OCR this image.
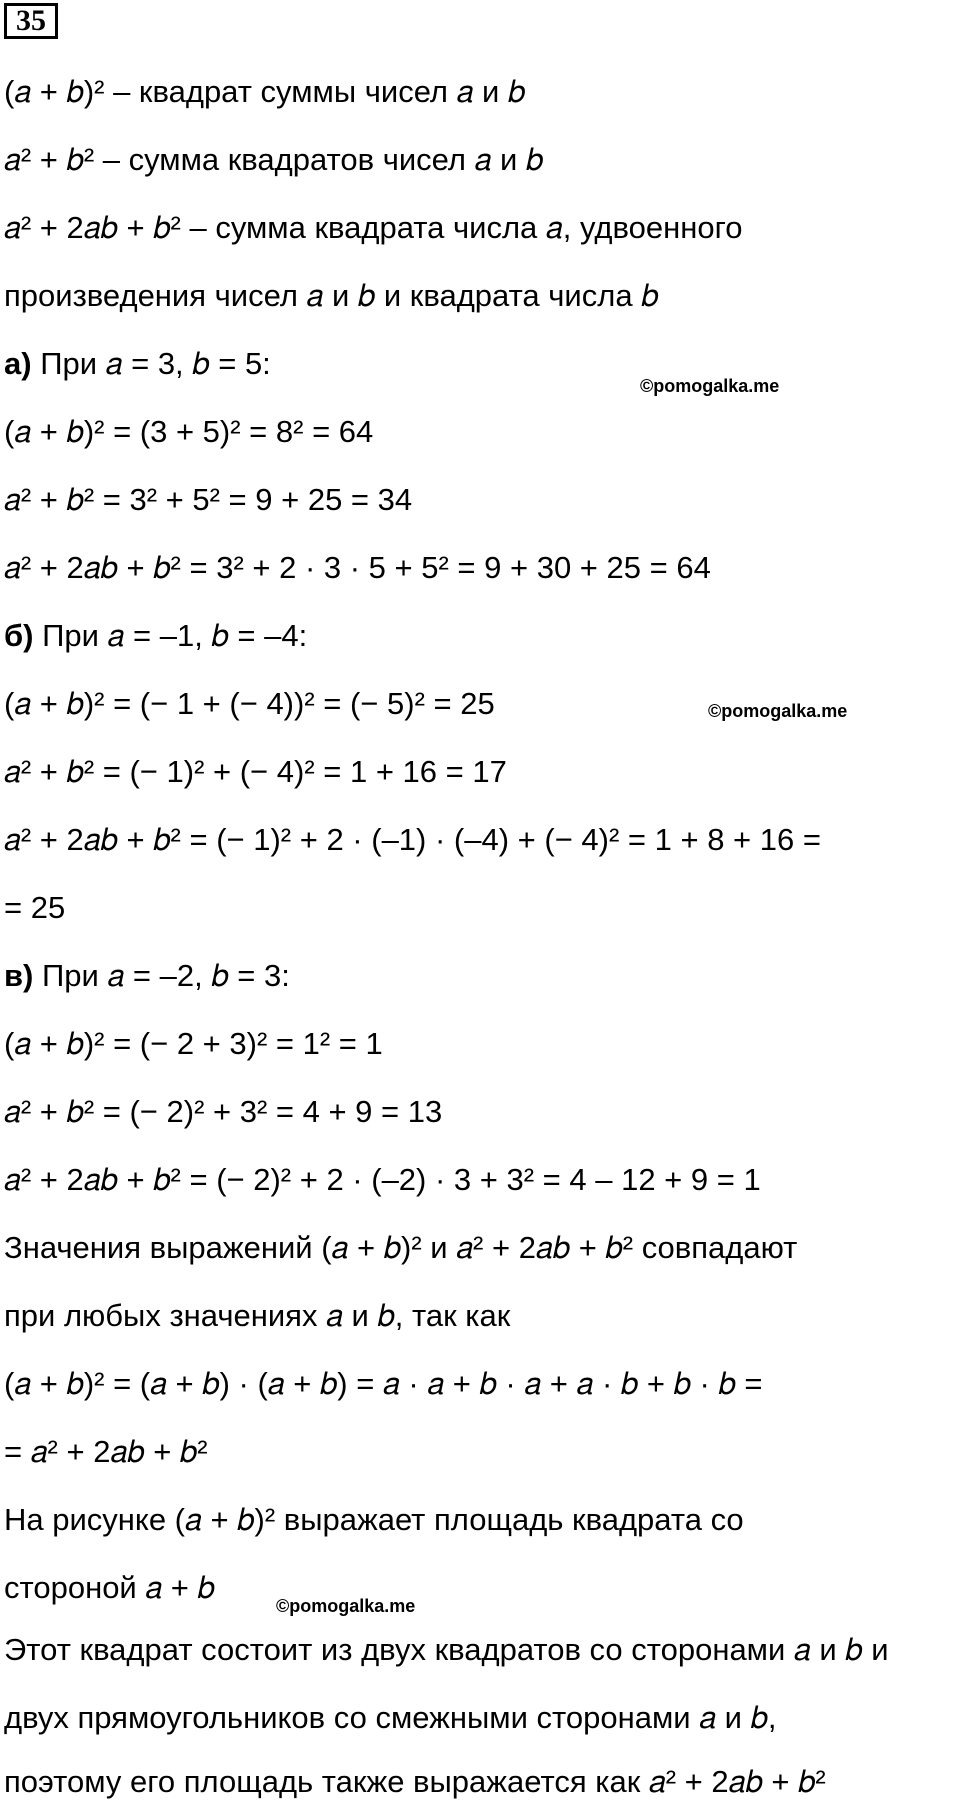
35
(𝑎 + 𝑏)² – квадрат суммы чисел 𝑎 и 𝑏
𝑎² + 𝑏² – сумма квадратов чисел 𝑎 и 𝑏
𝑎² + 2𝑎𝑏 + 𝑏² – сумма квадрата числа 𝑎, удвоенного
произведения чисел 𝑎 и 𝑏 и квадрата числа 𝑏
а) При 𝑎 = 3, 𝑏 = 5:
©pomogalka.me
(𝑎 + 𝑏)² = (3 + 5)² = 8² = 64
𝑎² + 𝑏² = 3² + 5² = 9 + 25 = 34
𝑎² + 2𝑎𝑏 + 𝑏² = 3² + 2 · 3 · 5 + 5² = 9 + 30 + 25 = 64
б) При 𝑎 = –1, 𝑏 = –4:
(𝑎 + 𝑏)² = (− 1 + (− 4))² = (− 5)² = 25	©pomogalka.me
𝑎² + 𝑏² = (− 1)² + (− 4)² = 1 + 16 = 17
𝑎² + 2𝑎𝑏 + 𝑏² = (− 1)² + 2 · (–1) · (–4) + (− 4)² = 1 + 8 + 16 =
= 25
в) При 𝑎 = –2, 𝑏 = 3:
(𝑎 + 𝑏)² = (− 2 + 3)² = 1² = 1
𝑎² + 𝑏² = (− 2)² + 3² = 4 + 9 = 13
𝑎² + 2𝑎𝑏 + 𝑏² = (− 2)² + 2 · (–2) · 3 + 3² = 4 – 12 + 9 = 1
Значения выражений (𝑎 + 𝑏)² и 𝑎² + 2𝑎𝑏 + 𝑏² совпадают
при любых значениях 𝑎 и 𝑏, так как
(𝑎 + 𝑏)² = (𝑎 + 𝑏) · (𝑎 + 𝑏) = 𝑎 · 𝑎 + 𝑏 · 𝑎 + 𝑎 · 𝑏 + 𝑏 · 𝑏 =
= 𝑎² + 2𝑎𝑏 + 𝑏²
На рисунке (𝑎 + 𝑏)² выражает площадь квадрата со
стороной 𝑎 + 𝑏
©pomogalka.me
Этот квадрат состоит из двух квадратов со сторонами 𝑎 и 𝑏 и
двух прямоугольников со смежными сторонами 𝑎 и 𝑏,
поэтому его площадь также выражается как 𝑎² + 2𝑎𝑏 + 𝑏²
